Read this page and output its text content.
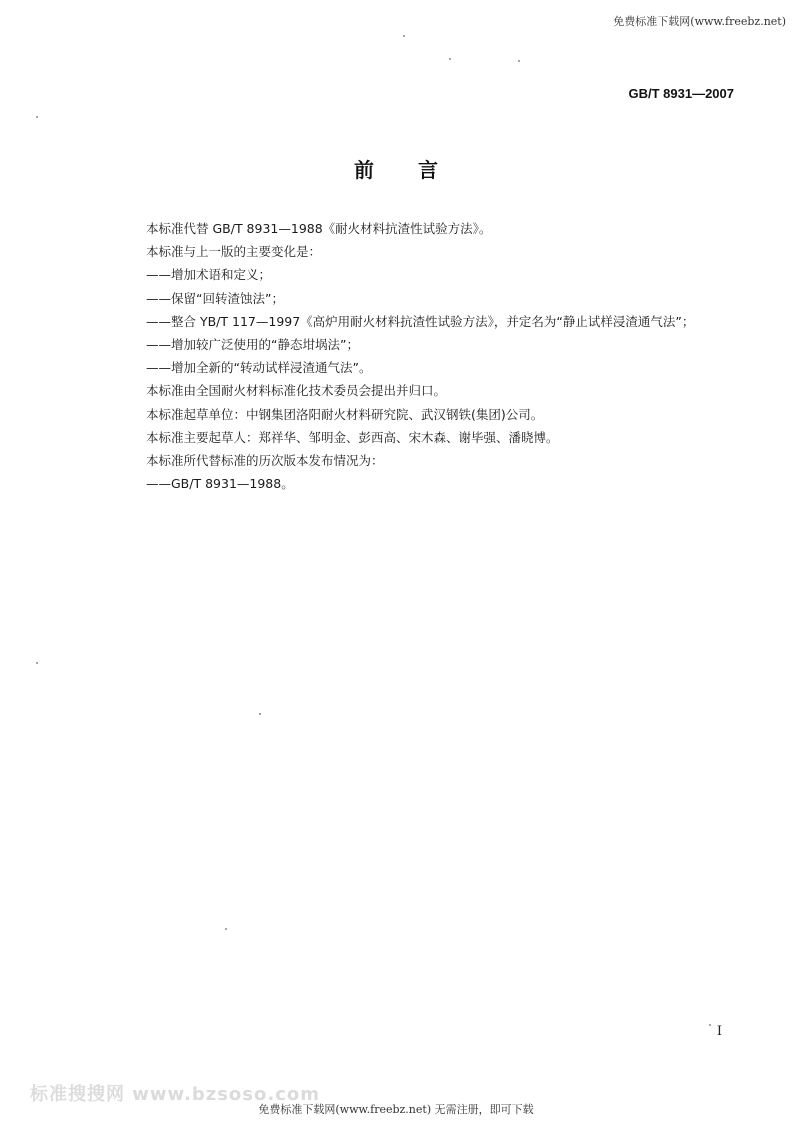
免费标准下载网(www.freebz.net)
GB/T 8931—2007
前言
本标准代替 GB/T 8931—1988《耐火材料抗渣性试验方法》。
本标准与上一版的主要变化是：
——增加术语和定义；
——保留“回转渣蚀法”；
——整合 YB/T 117—1997《高炉用耐火材料抗渣性试验方法》，并定名为“静止试样浸渣通气法”；
——增加较广泛使用的“静态坩埚法”；
——增加全新的“转动试样浸渣通气法”。
本标准由全国耐火材料标准化技术委员会提出并归口。
本标准起草单位：中钢集团洛阳耐火材料研究院、武汉钢铁(集团)公司。
本标准主要起草人：郑祥华、邹明金、彭西高、宋木森、谢毕强、潘晓博。
本标准所代替标准的历次版本发布情况为：
——GB/T 8931—1988。
I
标准搜搜网 www.bzsoso.com
免费标准下载网(www.freebz.net) 无需注册，即可下载
